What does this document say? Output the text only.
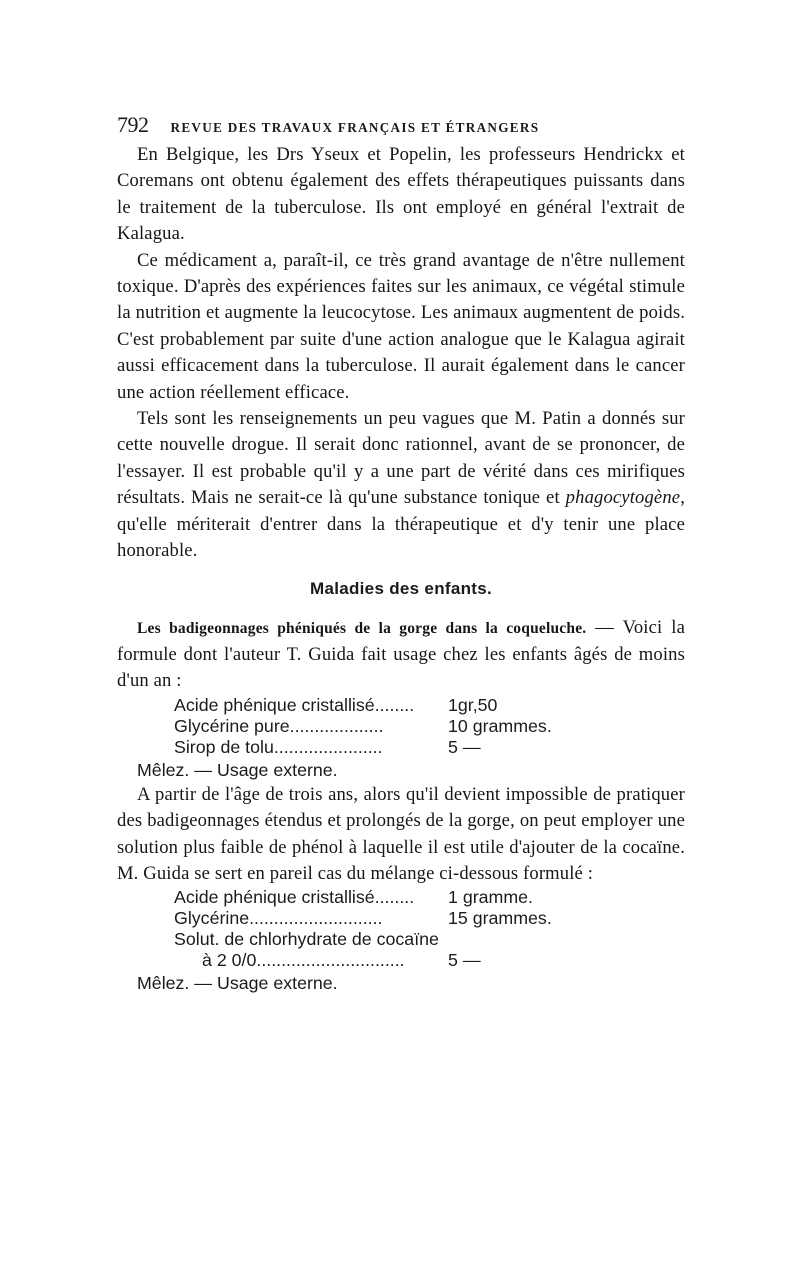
792 REVUE DES TRAVAUX FRANÇAIS ET ÉTRANGERS

En Belgique, les Drs Yseux et Popelin, les professeurs Hendrickx et Coremans ont obtenu également des effets thérapeutiques puissants dans le traitement de la tuberculose. Ils ont employé en général l'extrait de Kalagua.

Ce médicament a, paraît-il, ce très grand avantage de n'être nullement toxique. D'après des expériences faites sur les animaux, ce végétal stimule la nutrition et augmente la leucocytose. Les animaux augmentent de poids. C'est probablement par suite d'une action analogue que le Kalagua agirait aussi efficacement dans la tuberculose. Il aurait également dans le cancer une action réellement efficace.

Tels sont les renseignements un peu vagues que M. Patin a donnés sur cette nouvelle drogue. Il serait donc rationnel, avant de se prononcer, de l'essayer. Il est probable qu'il y a une part de vérité dans ces mirifiques résultats. Mais ne serait-ce là qu'une substance tonique et phagocytogène, qu'elle mériterait d'entrer dans la thérapeutique et d'y tenir une place honorable.

Maladies des enfants.

Les badigeonnages phéniqués de la gorge dans la coqueluche. — Voici la formule dont l'auteur T. Guida fait usage chez les enfants âgés de moins d'un an :

Acide phénique cristallisé........	1gr,50
Glycérine pure...................	10 grammes.
Sirop de tolu......................	5 —

Mêlez. — Usage externe.

A partir de l'âge de trois ans, alors qu'il devient impossible de pratiquer des badigeonnages étendus et prolongés de la gorge, on peut employer une solution plus faible de phénol à laquelle il est utile d'ajouter de la cocaïne. M. Guida se sert en pareil cas du mélange ci-dessous formulé :

Acide phénique cristallisé........	1 gramme.
Glycérine...........................	15 grammes.
Solut. de chlorhydrate de cocaïne
à 2 0/0..............................	5 —

Mêlez. — Usage externe.
